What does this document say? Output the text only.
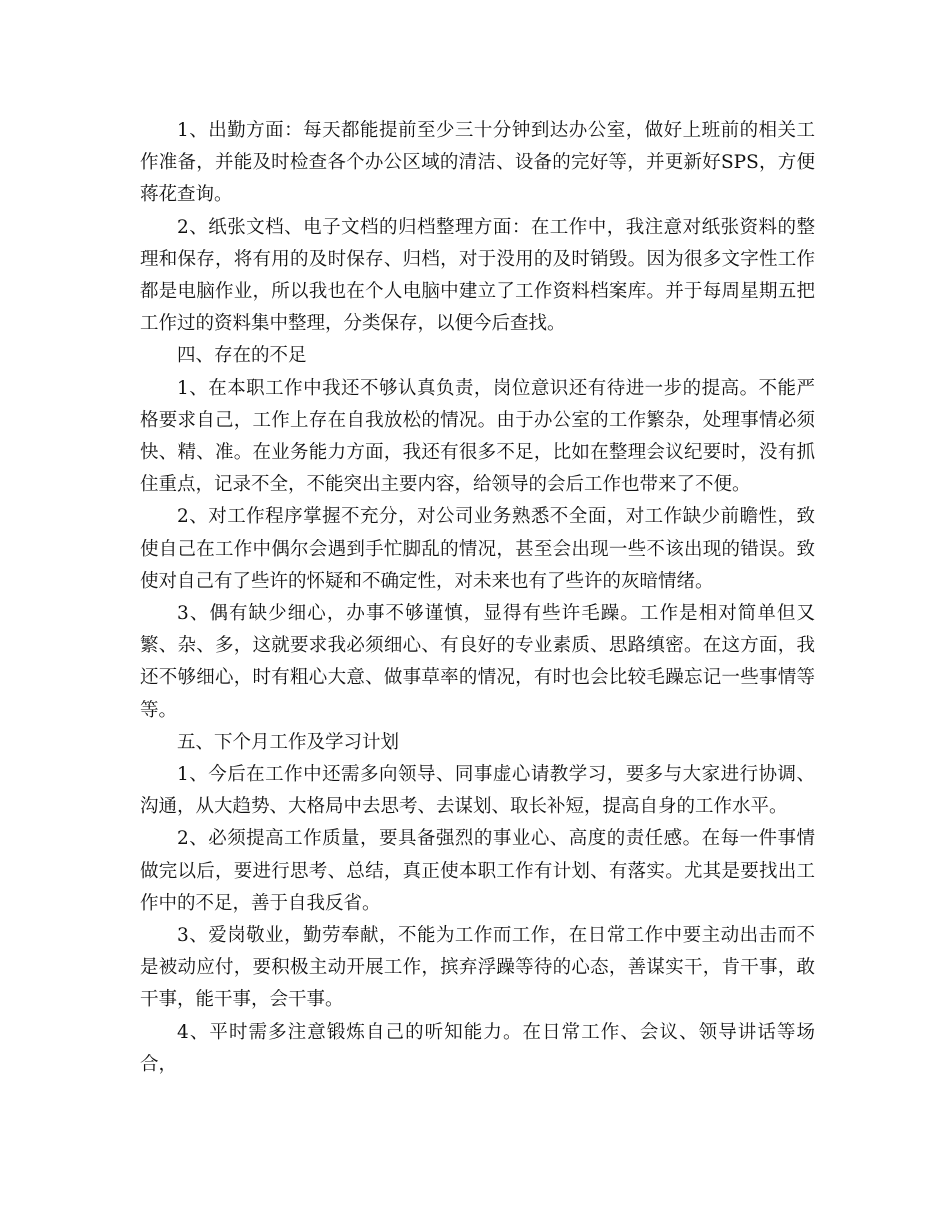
1、出勤方面：每天都能提前至少三十分钟到达办公室，做好上班前的相关工作准备，并能及时检查各个办公区域的清洁、设备的完好等，并更新好SPS，方便蒋花查询。

2、纸张文档、电子文档的归档整理方面：在工作中，我注意对纸张资料的整理和保存，将有用的及时保存、归档，对于没用的及时销毁。因为很多文字性工作都是电脑作业，所以我也在个人电脑中建立了工作资料档案库。并于每周星期五把工作过的资料集中整理，分类保存，以便今后查找。

四、存在的不足

1、在本职工作中我还不够认真负责，岗位意识还有待进一步的提高。不能严格要求自己，工作上存在自我放松的情况。由于办公室的工作繁杂，处理事情必须快、精、准。在业务能力方面，我还有很多不足，比如在整理会议纪要时，没有抓住重点，记录不全，不能突出主要内容，给领导的会后工作也带来了不便。

2、对工作程序掌握不充分，对公司业务熟悉不全面，对工作缺少前瞻性，致使自己在工作中偶尔会遇到手忙脚乱的情况，甚至会出现一些不该出现的错误。致使对自己有了些许的怀疑和不确定性，对未来也有了些许的灰暗情绪。

3、偶有缺少细心，办事不够谨慎，显得有些许毛躁。工作是相对简单但又繁、杂、多，这就要求我必须细心、有良好的专业素质、思路缜密。在这方面，我还不够细心，时有粗心大意、做事草率的情况，有时也会比较毛躁忘记一些事情等等。

五、下个月工作及学习计划

1、今后在工作中还需多向领导、同事虚心请教学习，要多与大家进行协调、沟通，从大趋势、大格局中去思考、去谋划、取长补短，提高自身的工作水平。

2、必须提高工作质量，要具备强烈的事业心、高度的责任感。在每一件事情做完以后，要进行思考、总结，真正使本职工作有计划、有落实。尤其是要找出工作中的不足，善于自我反省。

3、爱岗敬业，勤劳奉献，不能为工作而工作，在日常工作中要主动出击而不是被动应付，要积极主动开展工作，摈弃浮躁等待的心态，善谋实干，肯干事，敢干事，能干事，会干事。

4、平时需多注意锻炼自己的听知能力。在日常工作、会议、领导讲话等场合，
